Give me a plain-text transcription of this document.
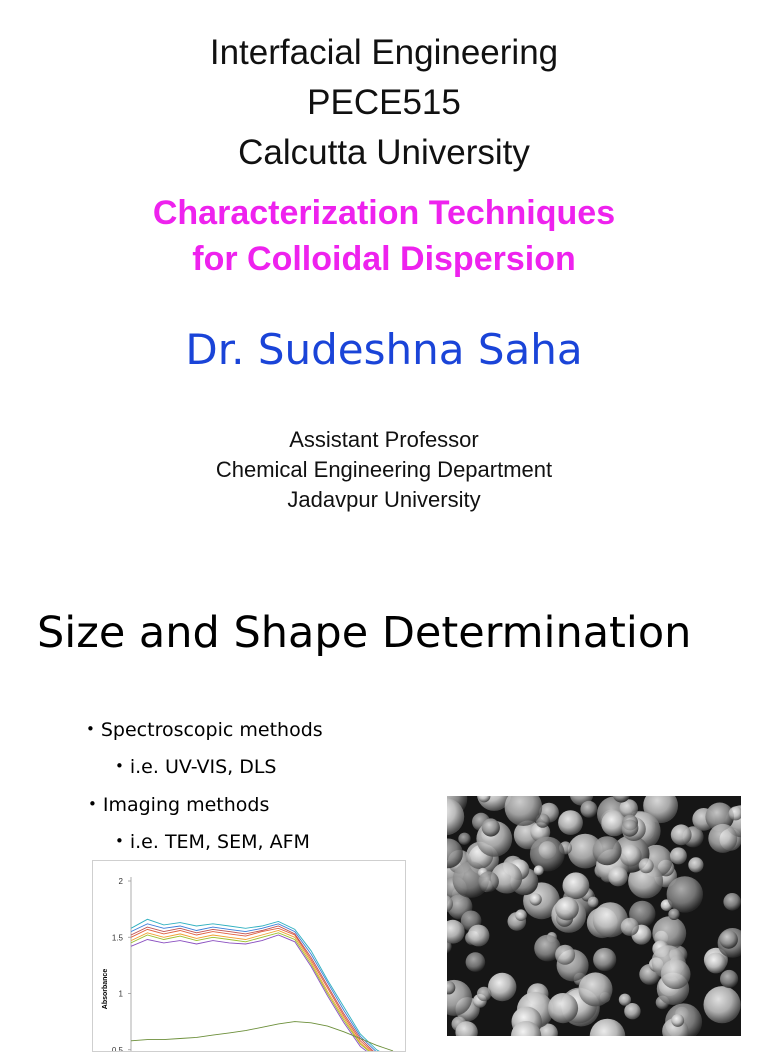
Interfacial Engineering
PECE515
Calcutta University
Characterization Techniques
for Colloidal Dispersion
Dr. Sudeshna Saha
Assistant Professor
Chemical Engineering Department
Jadavpur University
Size and Shape Determination
• Spectroscopic methods
• i.e. UV-VIS, DLS
• Imaging methods
• i.e. TEM, SEM, AFM
Absorbance
2
1.5
1
0.5
